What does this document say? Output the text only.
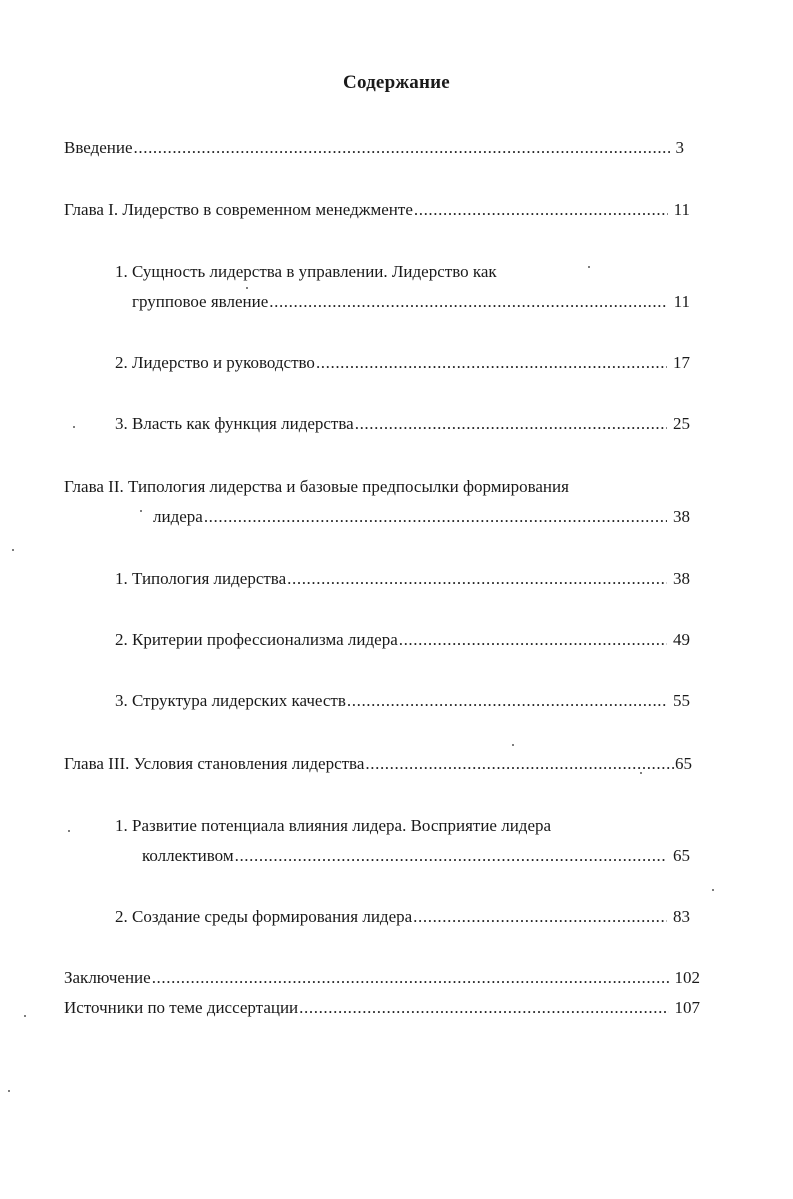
Содержание
Введение .....	3
Глава I. Лидерство в современном менеджменте .....	11
1. Сущность лидерства в управлении. Лидерство как
групповое явление .....	11
2. Лидерство и руководство .....	17
3. Власть как функция лидерства .....	25
Глава II. Типология лидерства и базовые предпосылки формирования
лидера .....	38
1. Типология лидерства .....	38
2. Критерии профессионализма лидера .....	49
3. Структура лидерских качеств .....	55
Глава III. Условия становления лидерства .....	65
1. Развитие потенциала влияния лидера. Восприятие лидера
коллективом .....	65
2. Создание среды формирования лидера .....	83
Заключение .....	102
Источники по теме диссертации .....	107
